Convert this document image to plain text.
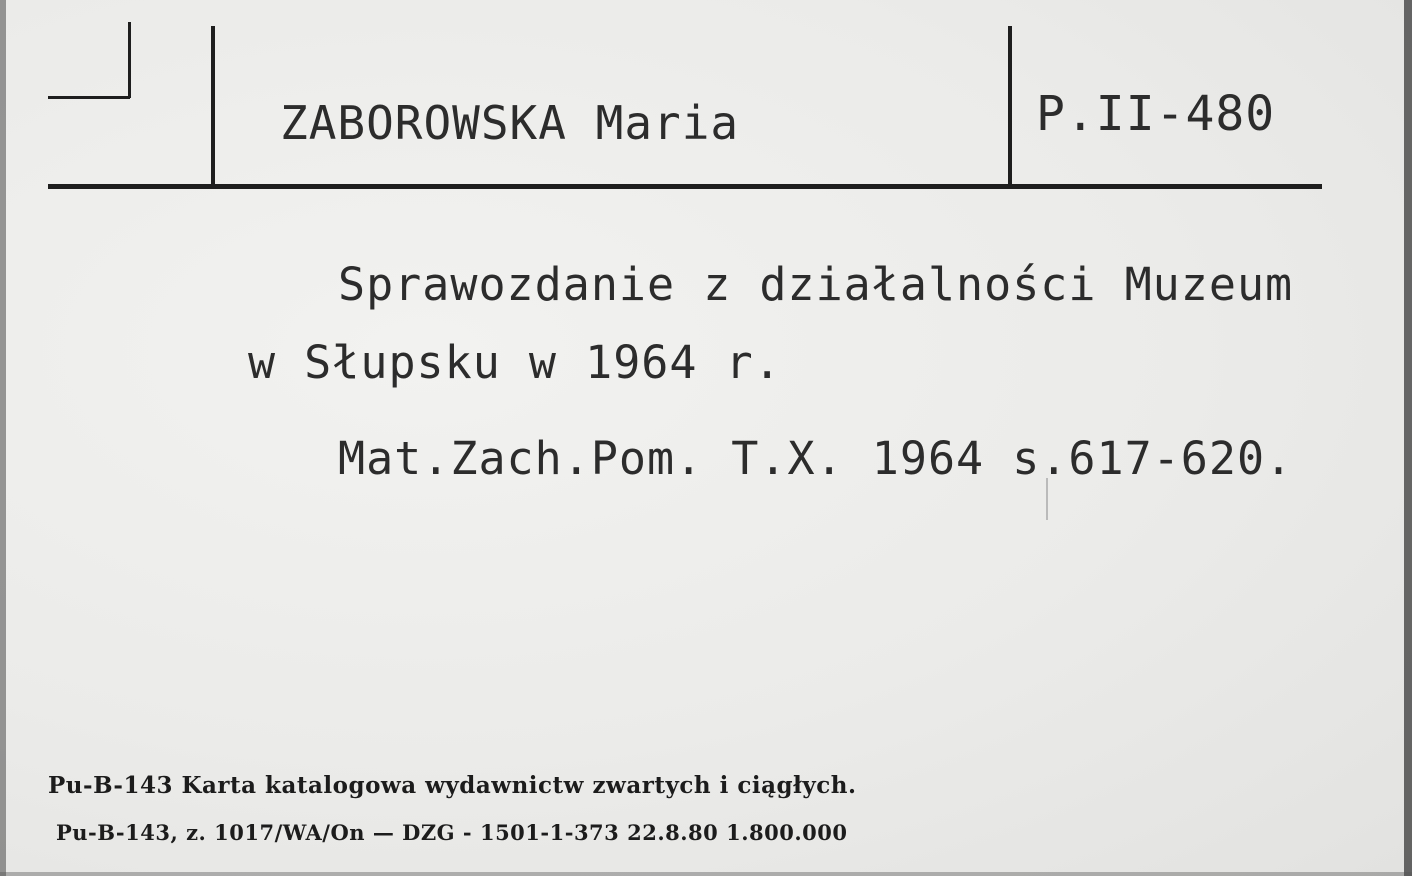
ZABOROWSKA Maria	P.II-480
Sprawozdanie z działalności Muzeum
w Słupsku w 1964 r.
Mat.Zach.Pom. T.X. 1964 s.617-620.
Pu-B-143 Karta katalogowa wydawnictw zwartych i ciągłych.
Pu-B-143, z. 1017/WA/On — DZG - 1501-1-373 22.8.80 1.800.000
